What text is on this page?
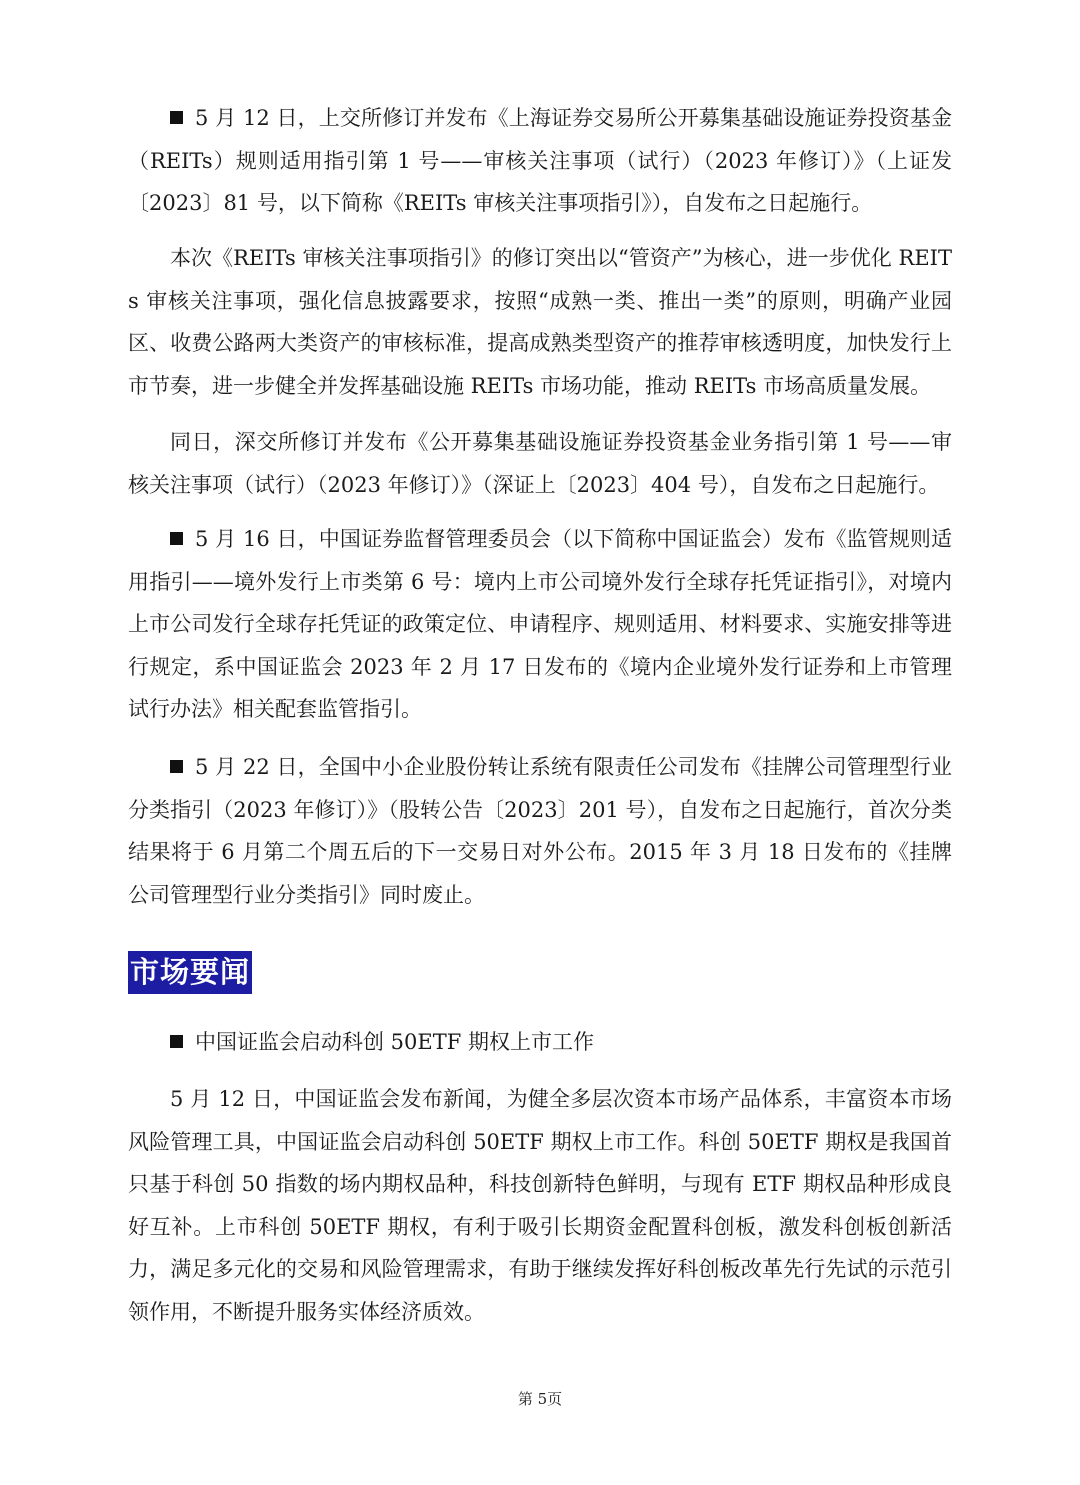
5 月 12 日，上交所修订并发布《上海证券交易所公开募集基础设施证券投资基金（REITs）规则适用指引第 1 号——审核关注事项（试行）（2023 年修订）》（上证发〔2023〕81 号，以下简称《REITs 审核关注事项指引》），自发布之日起施行。

本次《REITs 审核关注事项指引》的修订突出以“管资产”为核心，进一步优化 REITs 审核关注事项，强化信息披露要求，按照“成熟一类、推出一类”的原则，明确产业园区、收费公路两大类资产的审核标准，提高成熟类型资产的推荐审核透明度，加快发行上市节奏，进一步健全并发挥基础设施 REITs 市场功能，推动 REITs 市场高质量发展。

同日，深交所修订并发布《公开募集基础设施证券投资基金业务指引第 1 号——审核关注事项（试行）（2023 年修订）》（深证上〔2023〕404 号），自发布之日起施行。

5 月 16 日，中国证券监督管理委员会（以下简称中国证监会）发布《监管规则适用指引——境外发行上市类第 6 号：境内上市公司境外发行全球存托凭证指引》，对境内上市公司发行全球存托凭证的政策定位、申请程序、规则适用、材料要求、实施安排等进行规定，系中国证监会 2023 年 2 月 17 日发布的《境内企业境外发行证券和上市管理试行办法》相关配套监管指引。

5 月 22 日，全国中小企业股份转让系统有限责任公司发布《挂牌公司管理型行业分类指引（2023 年修订）》（股转公告〔2023〕201 号），自发布之日起施行，首次分类结果将于 6 月第二个周五后的下一交易日对外公布。2015 年 3 月 18 日发布的《挂牌公司管理型行业分类指引》同时废止。

市场要闻

中国证监会启动科创 50ETF 期权上市工作

5 月 12 日，中国证监会发布新闻，为健全多层次资本市场产品体系，丰富资本市场风险管理工具，中国证监会启动科创 50ETF 期权上市工作。科创 50ETF 期权是我国首只基于科创 50 指数的场内期权品种，科技创新特色鲜明，与现有 ETF 期权品种形成良好互补。上市科创 50ETF 期权，有利于吸引长期资金配置科创板，激发科创板创新活力，满足多元化的交易和风险管理需求，有助于继续发挥好科创板改革先行先试的示范引领作用，不断提升服务实体经济质效。

第 5页
